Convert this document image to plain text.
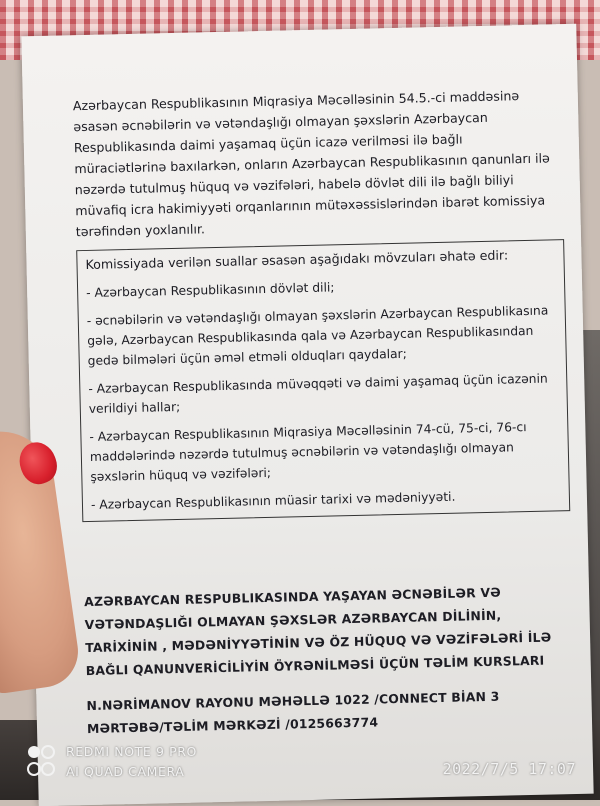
Azərbaycan Respublikasının Miqrasiya Məcəlləsinin 54.5.-ci maddəsinə əsasən əcnəbilərin və vətəndaşlığı olmayan şəxslərin Azərbaycan Respublikasında daimi yaşamaq üçün icazə verilməsi ilə bağlı müraciətlərinə baxılarkən, onların Azərbaycan Respublikasının qanunları ilə nəzərdə tutulmuş hüquq və vəzifələri, habelə dövlət dili ilə bağlı biliyi müvafiq icra hakimiyyəti orqanlarının mütəxəssislərindən ibarət komissiya tərəfindən yoxlanılır.

Komissiyada verilən suallar əsasən aşağıdakı mövzuları əhatə edir:

- Azərbaycan Respublikasının dövlət dili;

- əcnəbilərin və vətəndaşlığı olmayan şəxslərin Azərbaycan Respublikasına gələ, Azərbaycan Respublikasında qala və Azərbaycan Respublikasından gedə bilmələri üçün əməl etməli olduqları qaydalar;

- Azərbaycan Respublikasında müvəqqəti və daimi yaşamaq üçün icazənin verildiyi hallar;

- Azərbaycan Respublikasının Miqrasiya Məcəlləsinin 74-cü, 75-ci, 76-cı maddələrində nəzərdə tutulmuş əcnəbilərin və vətəndaşlığı olmayan şəxslərin hüquq və vəzifələri;

- Azərbaycan Respublikasının müasir tarixi və mədəniyyəti.

AZƏRBAYCAN RESPUBLIKASINDA YAŞAYAN ƏCNƏBİLƏR VƏ VƏTƏNDAŞLIĞI OLMAYAN ŞƏXSLƏR AZƏRBAYCAN DİLİNİN, TARİXİNİN , MƏDƏNİYYƏTİNİN VƏ ÖZ HÜQUQ VƏ VƏZİFƏLƏRİ İLƏ BAĞLI QANUNVERİCİLİYİN ÖYRƏNİLMƏSİ ÜÇÜN TƏLİM KURSLARI

N.NƏRİMANOV RAYONU MƏHƏLLƏ 1022 /CONNECT BİAN 3 MƏRTƏBƏ/TƏLİM MƏRKƏZİ /0125663774

REDMI NOTE 9 PRO
AI QUAD CAMERA	2022/7/5 17:07
